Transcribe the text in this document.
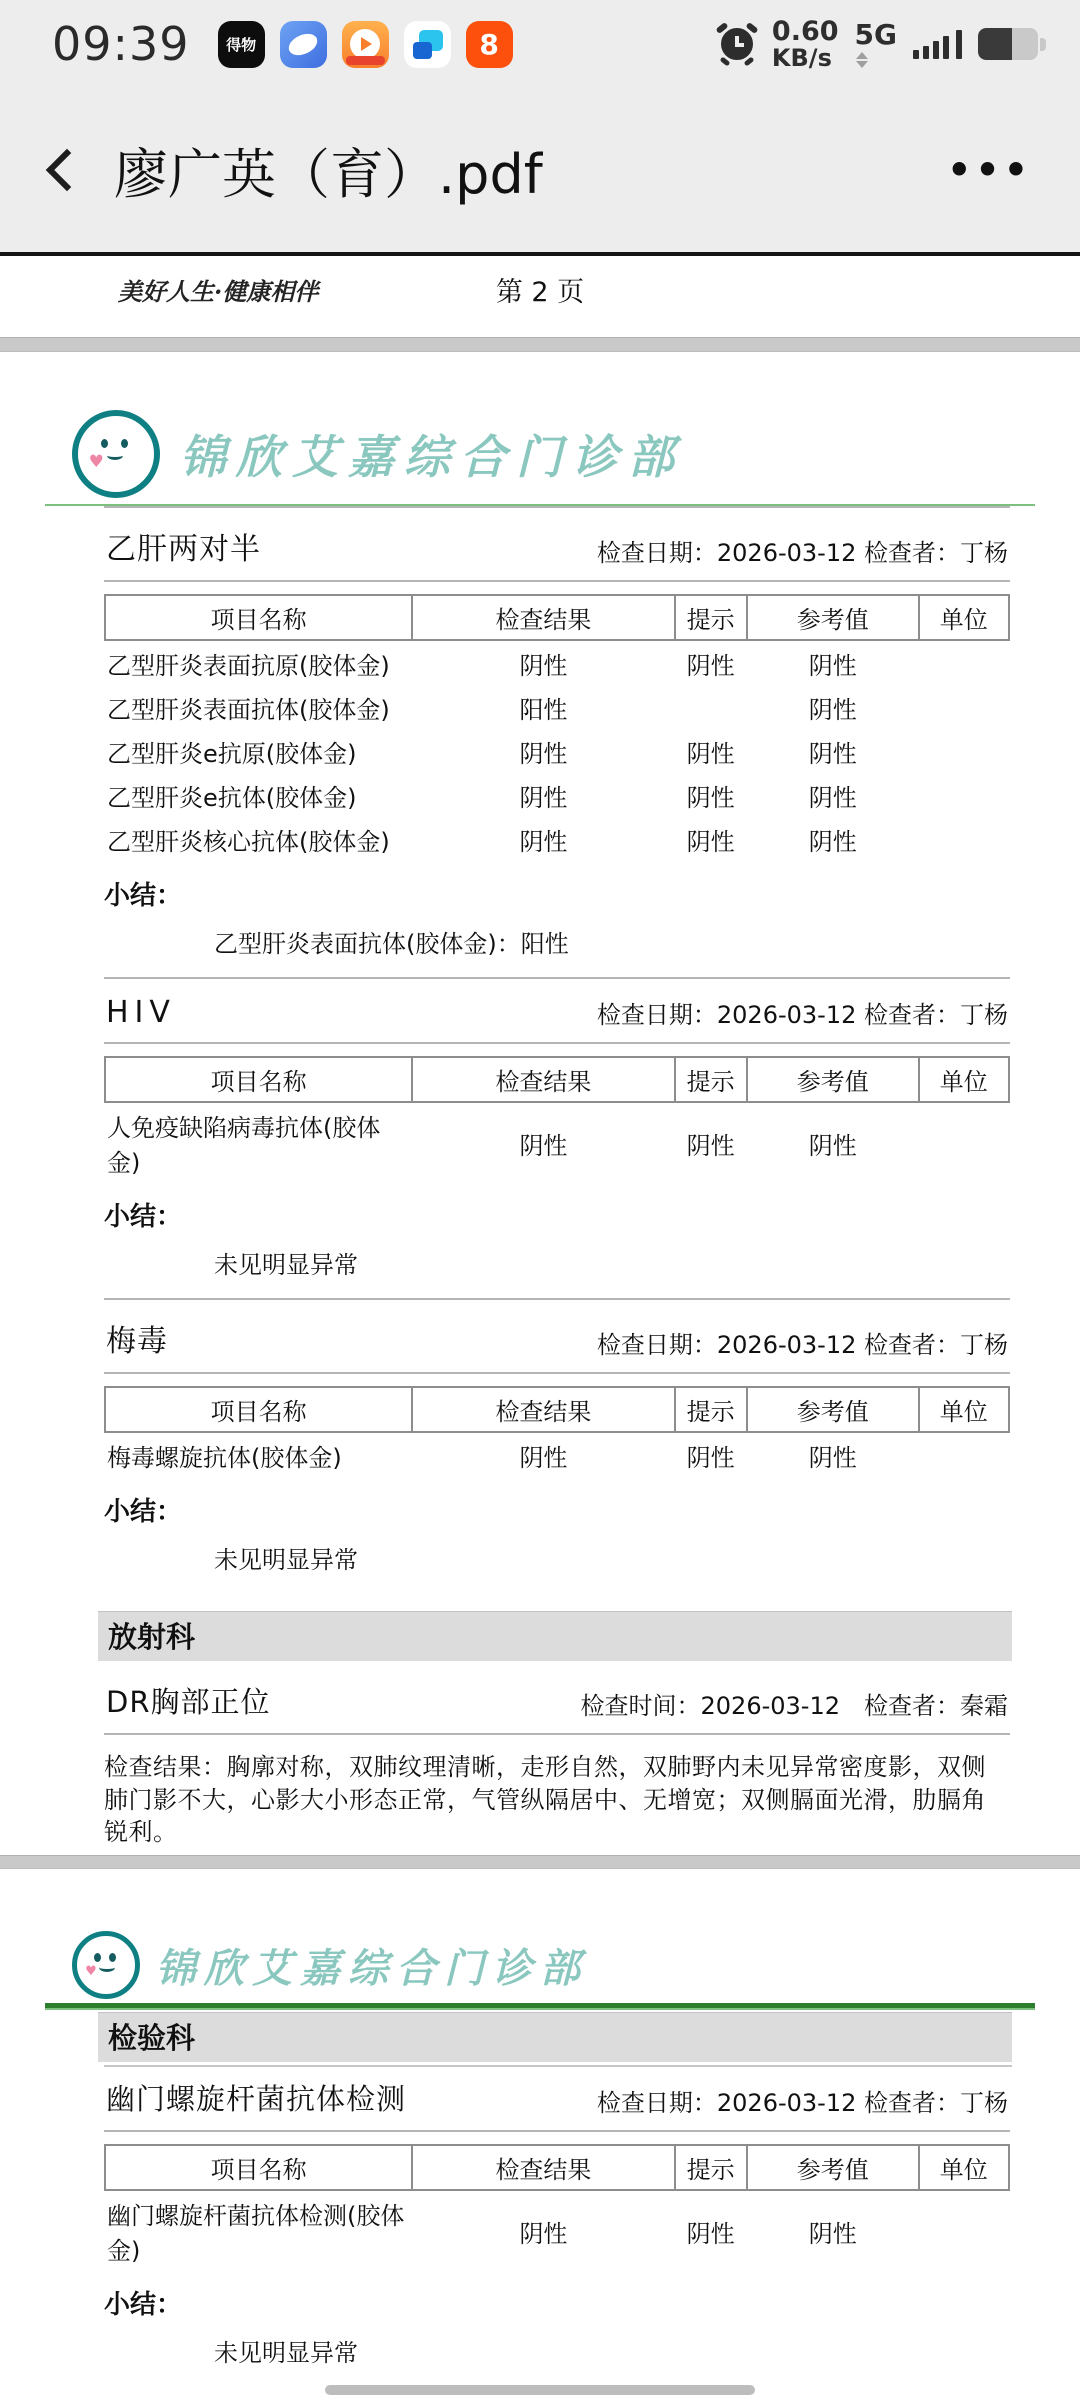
09:39	得物	8	0.60
KB/s
5G
廖广英（育）.pdf	•••
美好人生·健康相伴	第 2 页
♥ 锦欣艾嘉综合门诊部
乙肝两对半	检查日期：2026-03-12 检查者：丁杨
项目名称	检查结果	提示	参考值	单位
乙型肝炎表面抗原(胶体金)	阴性	阴性	阴性	
乙型肝炎表面抗体(胶体金)	阳性		阴性	
乙型肝炎e抗原(胶体金)	阴性	阴性	阴性	
乙型肝炎e抗体(胶体金)	阴性	阴性	阴性	
乙型肝炎核心抗体(胶体金)	阴性	阴性	阴性	
小结：
乙型肝炎表面抗体(胶体金)：阳性
HIV	检查日期：2026-03-12 检查者：丁杨
项目名称	检查结果	提示	参考值	单位
人免疫缺陷病毒抗体(胶体金)	阴性	阴性	阴性	
小结：
未见明显异常
梅毒	检查日期：2026-03-12 检查者：丁杨
项目名称	检查结果	提示	参考值	单位
梅毒螺旋抗体(胶体金)	阴性	阴性	阴性	
小结：
未见明显异常
放射科
DR胸部正位	检查时间：2026-03-12　检查者：秦霜
检查结果：胸廓对称，双肺纹理清晰，走形自然，双肺野内未见异常密度影，双侧肺门影不大，心影大小形态正常，气管纵隔居中、无增宽；双侧膈面光滑，肋膈角锐利。
♥ 锦欣艾嘉综合门诊部
检验科
幽门螺旋杆菌抗体检测	检查日期：2026-03-12 检查者：丁杨
项目名称	检查结果	提示	参考值	单位
幽门螺旋杆菌抗体检测(胶体金)	阴性	阴性	阴性	
小结：
未见明显异常
